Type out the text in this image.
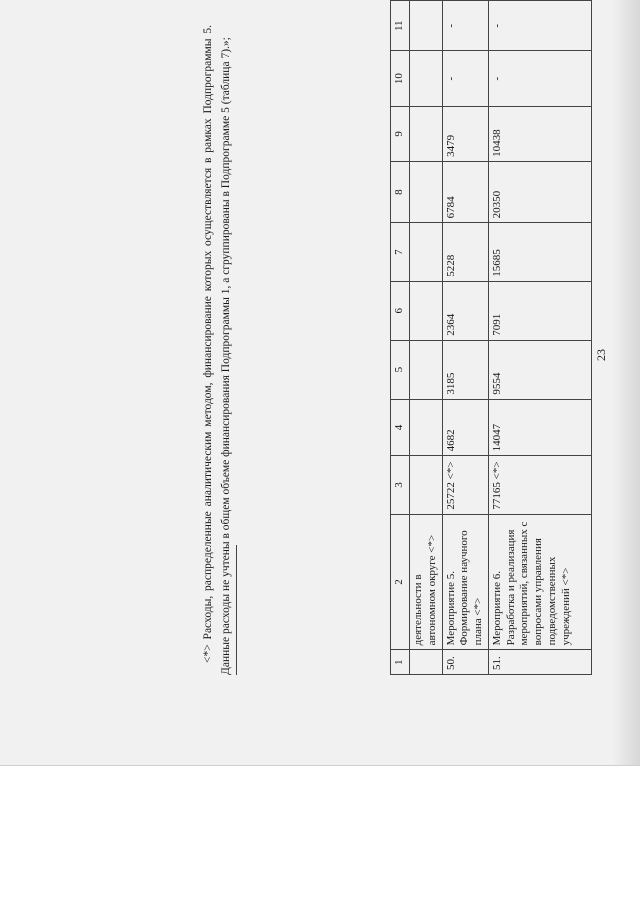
23
1	2	3	4	5	6	7	8	9	10	11
	деятельности в автономном округе <*>									
50.	Мероприятие 5. Формирование научного плана <*>	25722 <*>	4682	3185	2364	5228	6784	3479	-	-
51.	Мероприятие 6. Разработка и реализация мероприятий, связанных с вопросами управления подведомственных учреждений <*>	77165 <*>	14047	9554	7091	15685	20350	10438	-	-

<*> Расходы, распределенные аналитическим методом, финансирование которых осуществляется в рамках Подпрограммы 5. Данные расходы не учтены в общем объеме финансирования Подпрограммы 1, а сгруппированы в Подпрограмме 5 (таблица 7).»;
